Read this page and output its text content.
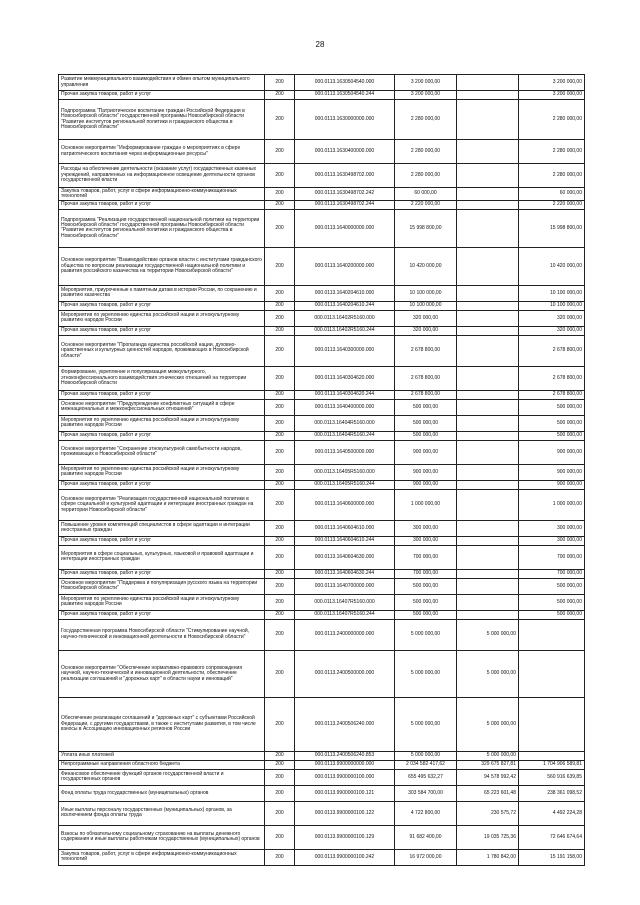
28
Развитие межмуниципального взаимодействия и обмен опытом муниципального управления	200	000.0113.1630504540.000	3 200 000,00		3 200 000,00
Прочая закупка товаров, работ и услуг	200	000.0113.1630504540.244	3 200 000,00		3 200 000,00
Подпрограмма "Патриотическое воспитание граждан Российской Федерации в Новосибирской области" государственной программы Новосибирской области "Развитие институтов региональной политики и гражданского общества в Новосибирской области"	200	000.0113.1630000000.000	2 280 000,00		2 280 000,00
Основное мероприятие "Информирование граждан о мероприятиях в сфере патриотического воспитания через информационные ресурсы"	200	000.0113.1630400000.000	2 280 000,00		2 280 000,00
Расходы на обеспечение деятельности (оказание услуг) государственных казенных учреждений, направленных на информационное освещение деятельности органов государственной власти	200	000.0113.1630498702.000	2 280 000,00		2 280 000,00
Закупка товаров, работ, услуг в сфере информационно-коммуникационных технологий	200	000.0113.1630498702.242	60 000,00		60 000,00
Прочая закупка товаров, работ и услуг	200	000.0113.1630498702.244	2 220 000,00		2 220 000,00
Подпрограмма "Реализация государственной национальной политики на территории Новосибирской области" государственной программы Новосибирской области "Развитие институтов региональной политики и гражданского общества в Новосибирской области"	200	000.0113.1640000000.000	15 998 800,00		15 998 800,00
Основное мероприятие "Взаимодействие органов власти с институтами гражданского общества по вопросам реализации государственной национальной политики и развития российского казачества на территории Новосибирской области"	200	000.0113.1640200000.000	10 420 000,00		10 420 000,00
Мероприятия, приуроченные к памятным датам в истории России, по сохранению и развитию казачества	200	000.0113.1640204610.000	10 100 000,00		10 100 000,00
Прочая закупка товаров, работ и услуг	200	000.0113.1640204610.244	10 100 000,00		10 100 000,00
Мероприятия по укреплению единства российской нации и этнокультурному развитию народов России	200	000.0113.16402R5160.000	320 000,00		320 000,00
Прочая закупка товаров, работ и услуг	200	000.0113.16402R5160.244	320 000,00		320 000,00
Основное мероприятие "Пропаганда единства российской нации, духовно-нравственных и культурных ценностей народов, проживающих в Новосибирской области"	200	000.0113.1640300000.000	2 678 800,00		2 678 800,00
Формирование, укрепление и популяризация межкультурного, этноконфессионального взаимодействия этнических отношений на территории Новосибирской области	200	000.0113.1640304620.000	2 678 800,00		2 678 800,00
Прочая закупка товаров, работ и услуг	200	000.0113.1640304620.244	2 678 800,00		2 678 800,00
Основное мероприятие "Предупреждение конфликтных ситуаций в сфере межнациональных и межконфессиональных отношений"	200	000.0113.1640400000.000	500 000,00		500 000,00
Мероприятия по укреплению единства российской нации и этнокультурному развитию народов России	200	000.0113.16404R5160.000	500 000,00		500 000,00
Прочая закупка товаров, работ и услуг	200	000.0113.16404R5160.244	500 000,00		500 000,00
Основное мероприятие "Сохранение этнокультурной самобытности народов, проживающих в Новосибирской области"	200	000.0113.1640500000.000	900 000,00		900 000,00
Мероприятия по укреплению единства российской нации и этнокультурному развитию народов России	200	000.0113.16405R5160.000	900 000,00		900 000,00
Прочая закупка товаров, работ и услуг	200	000.0113.16405R5160.244	900 000,00		900 000,00
Основное мероприятие "Реализация государственной национальной политики в сфере социальной и культурной адаптации и интеграции иностранных граждан на территории Новосибирской области"	200	000.0113.1640600000.000	1 000 000,00		1 000 000,00
Повышение уровня компетенций специалистов в сфере адаптации и интеграции иностранных граждан	200	000.0113.1640604610.000	300 000,00		300 000,00
Прочая закупка товаров, работ и услуг	200	000.0113.1640604610.244	300 000,00		300 000,00
Мероприятия в сфере социальных, культурных, языковой и правовой адаптации и интеграции иностранных граждан	200	000.0113.1640604630.000	700 000,00		700 000,00
Прочая закупка товаров, работ и услуг	200	000.0113.1640604630.244	700 000,00		700 000,00
Основное мероприятие "Поддержка и популяризация русского языка на территории Новосибирской области"	200	000.0113.1640700000.000	500 000,00		500 000,00
Мероприятия по укреплению единства российской нации и этнокультурному развитию народов России	200	000.0113.16407R5160.000	500 000,00		500 000,00
Прочая закупка товаров, работ и услуг	200	000.0113.16407R5160.244	500 000,00		500 000,00
Государственная программа Новосибирской области "Стимулирование научной, научно-технической и инновационной деятельности в Новосибирской области"	200	000.0113.2400000000.000	5 000 000,00	5 000 000,00	
Основное мероприятие "Обеспечение нормативно-правового сопровождения научной, научно-технической и инновационной деятельности, обеспечение реализации соглашений и "дорожных карт" в области науки и инноваций"	200	000.0113.2400500000.000	5 000 000,00	5 000 000,00	
Обеспечение реализации соглашений и "дорожных карт" с субъектами Российской Федерации, с другими государствами, в также с институтами развития, в том числе взносы в Ассоциацию инновационных регионов России	200	000.0113.2400506240.000	5 000 000,00	5 000 000,00	
Уплата иных платежей	200	000.0113.2400506240.853	5 000 000,00	5 000 000,00	
Непрограммные направления областного бюджета	200	000.0113.9900000000.000	2 034 582 417,62	329 675 827,81	1 704 906 589,81
Финансовое обеспечение функций органов государственной власти и государственных органов	200	000.0113.9900000100.000	655 495 632,27	94 578 992,42	560 916 639,85
Фонд оплаты труда государственных (муниципальных) органов	200	000.0113.9900000100.121	303 584 700,00	65 223 601,48	238 361 098,52
Иные выплаты персоналу государственных (муниципальных) органов, за исключением фонда оплаты труда	200	000.0113.9900000100.122	4 722 800,00	230 575,72	4 492 224,28
Взносы по обязательному социальному страхованию на выплаты денежного содержания и иные выплаты работникам государственных (муниципальных) органов	200	000.0113.9900000100.129	91 682 400,00	19 035 725,36	72 646 674,64
Закупка товаров, работ, услуг в сфере информационно-коммуникационных технологий	200	000.0113.9900000100.242	16 972 000,00	1 780 842,00	15 191 158,00
